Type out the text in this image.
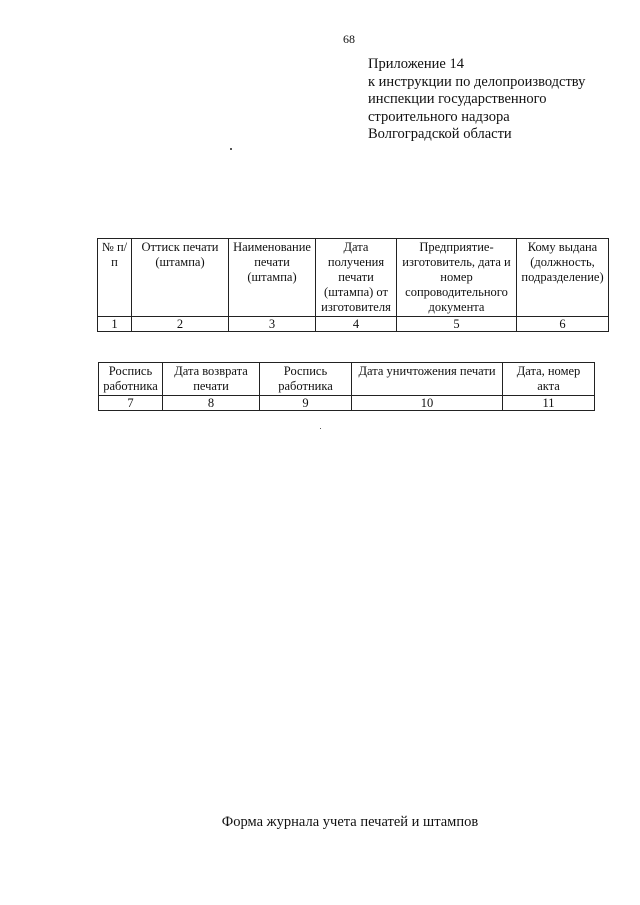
68
Приложение 14
к инструкции по делопроизводству
инспекции государственного
строительного надзора
Волгоградской области
№ п/п	Оттиск печати (штампа)	Наименование печати (штампа)	Дата получения печати (штампа) от изготовителя	Предприятие-изготовитель, дата и номер сопроводительного документа	Кому выдана (должность, подразделение)
1	2	3	4	5	6
Роспись работника	Дата возврата печати	Роспись работника	Дата уничтожения печати	Дата, номер акта
7	8	9	10	11
Форма журнала учета печатей и штампов
